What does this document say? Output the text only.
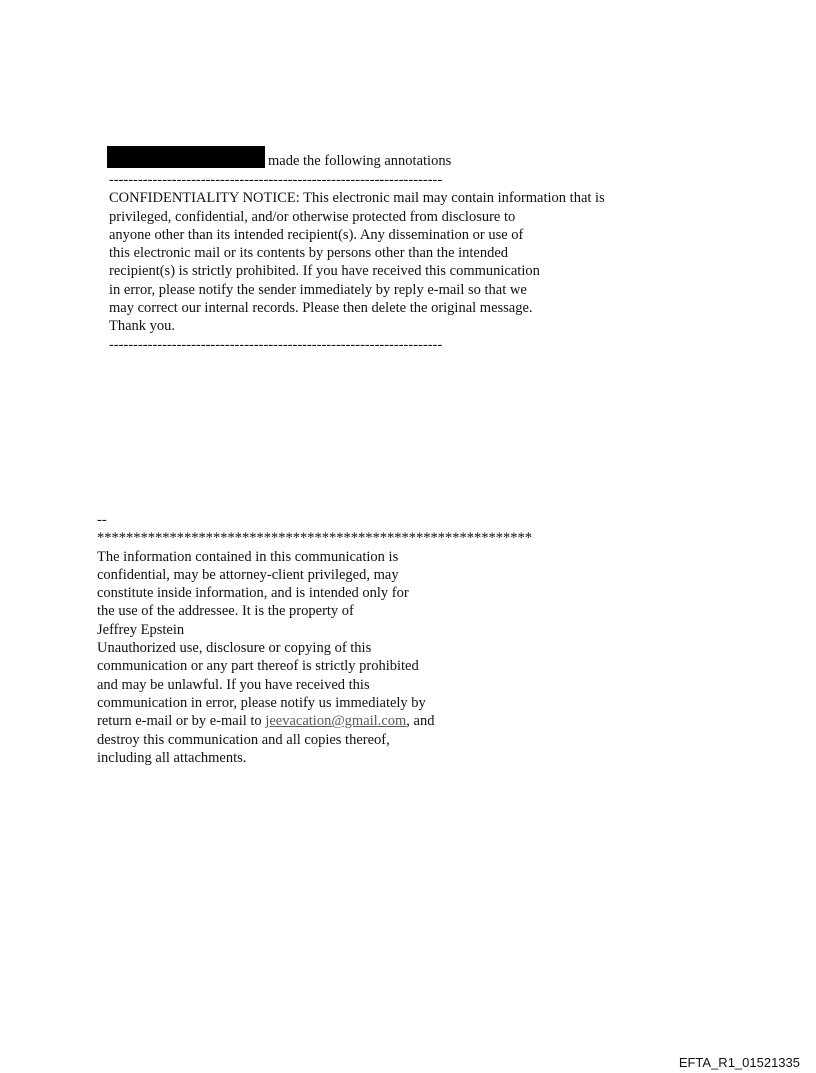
made the following annotations
---------------------------------------------------------------------
CONFIDENTIALITY NOTICE: This electronic mail may contain information that is
privileged, confidential, and/or otherwise protected from disclosure to
anyone other than its intended recipient(s). Any dissemination or use of
this electronic mail or its contents by persons other than the intended
recipient(s) is strictly prohibited. If you have received this communication
in error, please notify the sender immediately by reply e-mail so that we
may correct our internal records. Please then delete the original message.
Thank you.
---------------------------------------------------------------------
--
************************************************************
The information contained in this communication is
confidential, may be attorney-client privileged, may
constitute inside information, and is intended only for
the use of the addressee. It is the property of
Jeffrey Epstein
Unauthorized use, disclosure or copying of this
communication or any part thereof is strictly prohibited
and may be unlawful. If you have received this
communication in error, please notify us immediately by
return e-mail or by e-mail to jeevacation@gmail.com, and
destroy this communication and all copies thereof,
including all attachments.
EFTA_R1_01521335
